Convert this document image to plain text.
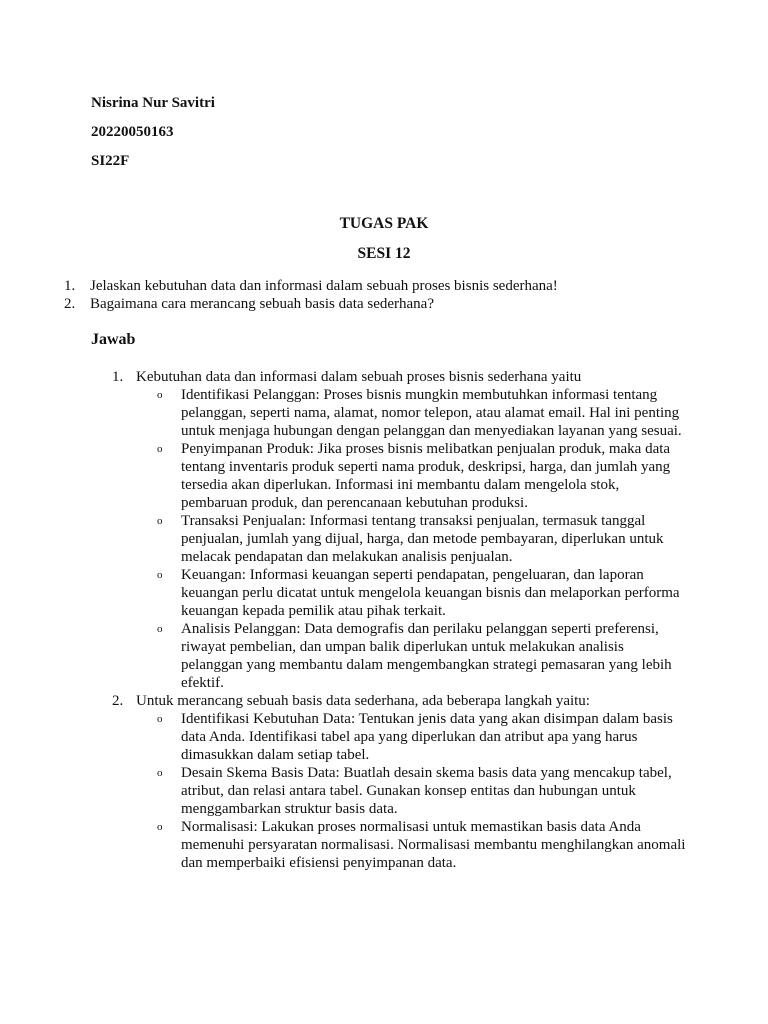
Nisrina Nur Savitri
20220050163
SI22F
TUGAS PAK
SESI 12
1. Jelaskan kebutuhan data dan informasi dalam sebuah proses bisnis sederhana!
2. Bagaimana cara merancang sebuah basis data sederhana?
Jawab
1. Kebutuhan data dan informasi dalam sebuah proses bisnis sederhana yaitu
o	Identifikasi Pelanggan: Proses bisnis mungkin membutuhkan informasi tentang pelanggan, seperti nama, alamat, nomor telepon, atau alamat email. Hal ini penting untuk menjaga hubungan dengan pelanggan dan menyediakan layanan yang sesuai.
o	Penyimpanan Produk: Jika proses bisnis melibatkan penjualan produk, maka data tentang inventaris produk seperti nama produk, deskripsi, harga, dan jumlah yang tersedia akan diperlukan. Informasi ini membantu dalam mengelola stok, pembaruan produk, dan perencanaan kebutuhan produksi.
o	Transaksi Penjualan: Informasi tentang transaksi penjualan, termasuk tanggal penjualan, jumlah yang dijual, harga, dan metode pembayaran, diperlukan untuk melacak pendapatan dan melakukan analisis penjualan.
o	Keuangan: Informasi keuangan seperti pendapatan, pengeluaran, dan laporan keuangan perlu dicatat untuk mengelola keuangan bisnis dan melaporkan performa keuangan kepada pemilik atau pihak terkait.
o	Analisis Pelanggan: Data demografis dan perilaku pelanggan seperti preferensi, riwayat pembelian, dan umpan balik diperlukan untuk melakukan analisis pelanggan yang membantu dalam mengembangkan strategi pemasaran yang lebih efektif.
2. Untuk merancang sebuah basis data sederhana, ada beberapa langkah yaitu:
o	Identifikasi Kebutuhan Data: Tentukan jenis data yang akan disimpan dalam basis data Anda. Identifikasi tabel apa yang diperlukan dan atribut apa yang harus dimasukkan dalam setiap tabel.
o	Desain Skema Basis Data: Buatlah desain skema basis data yang mencakup tabel, atribut, dan relasi antara tabel. Gunakan konsep entitas dan hubungan untuk menggambarkan struktur basis data.
o	Normalisasi: Lakukan proses normalisasi untuk memastikan basis data Anda memenuhi persyaratan normalisasi. Normalisasi membantu menghilangkan anomali dan memperbaiki efisiensi penyimpanan data.
